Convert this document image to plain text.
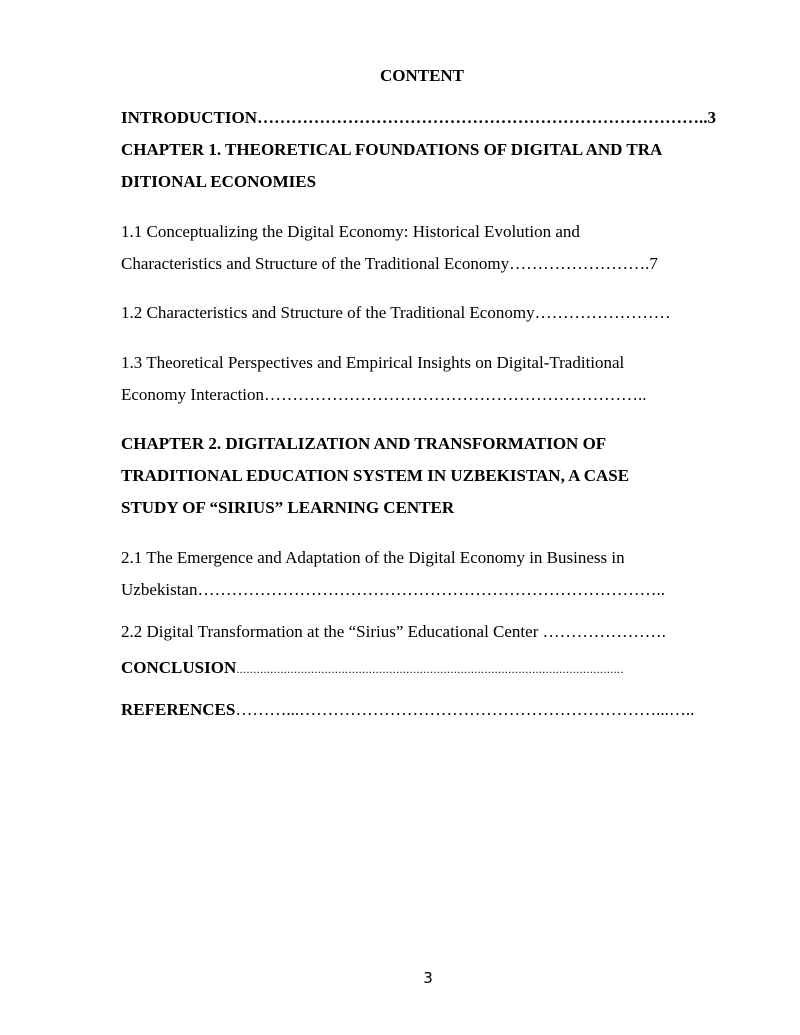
CONTENT
INTRODUCTION……………………………………………………………………..3
CHAPTER 1. THEORETICAL FOUNDATIONS OF DIGITAL AND TRA
DITIONAL ECONOMIES
1.1 Conceptualizing the Digital Economy: Historical Evolution and
Characteristics and Structure of the Traditional Economy…………………….7
1.2 Characteristics and Structure of the Traditional Economy……………………
1.3 Theoretical Perspectives and Empirical Insights on Digital-Traditional
Economy Interaction…………………………………………………………..
CHAPTER 2. DIGITALIZATION AND TRANSFORMATION OF
TRADITIONAL EDUCATION SYSTEM IN UZBEKISTAN, A CASE
STUDY OF “SIRIUS” LEARNING CENTER
2.1 The Emergence and Adaptation of the Digital Economy in Business in
Uzbekistan………………………………………………………………………..
2.2 Digital Transformation at the “Sirius” Educational Center ………………….
CONCLUSION..................................................................................................................
REFERENCES………...………………………………………………………...…..
3
